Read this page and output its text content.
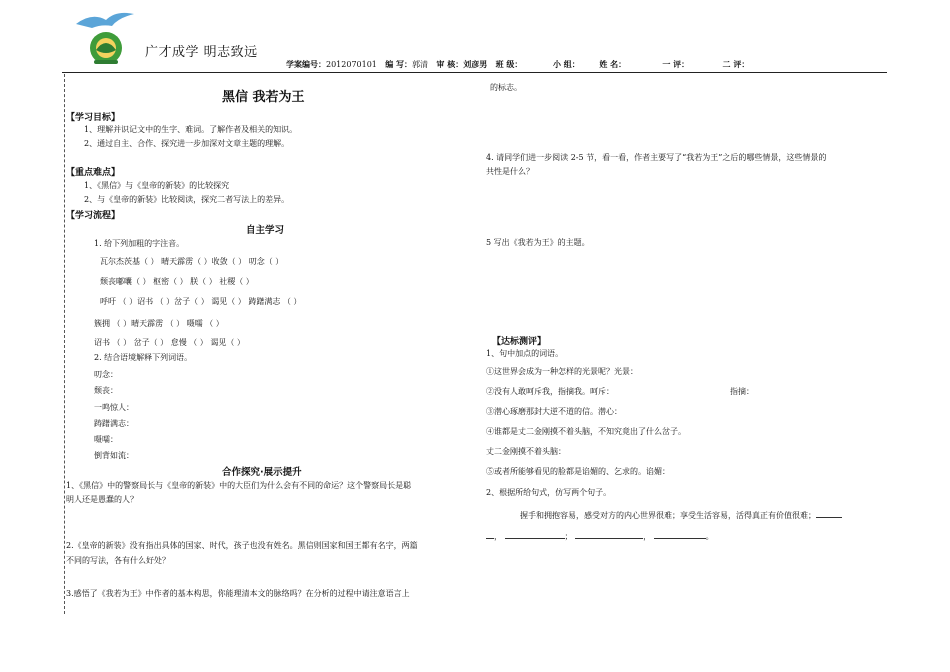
广才成学 明志致远
学案编号：2012070101 编 写：郭清 审 核：刘彦男 班 级：	小 组： 姓 名：	一 评：	二 评：
黑信 我若为王
【学习目标】
1、理解并识记文中的生字、难词。了解作者及相关的知识。
2、通过自主、合作、探究进一步加深对文章主题的理解。
【重点难点】
1、《黑信》与《皇帝的新装》的比较探究
2、与《皇帝的新装》比较阅读，探究二者写法上的差异。
【学习流程】
自主学习
1. 给下列加粗的字注音。
瓦尔杰茨基（ ） 晴天霹雳（ ）收敛（ ） 叨念（ ）
颓丧嘟囔（ ） 枢密（ ） 朕（ ） 社稷（ ）
呼吁 （ ）诏书 （ ）岔子（ ） 谒见（ ） 踌躇满志 （ ）
簇拥 （ ）晴天霹雳 （ ） 嗫嚅 （ ）
诏书 （ ） 岔子（ ） 怠慢 （ ） 谒见（ ）
2. 结合语境解释下列词语。
叨念：
颓丧：
一鸣惊人：
踌躇满志：
嗫嚅：
倒背如流：
合作探究·展示提升
1、《黑信》中的警察局长与《皇帝的新装》中的大臣们为什么会有不同的命运？这个警察局长是聪
明人还是愚蠢的人？
2.《皇帝的新装》没有指出具体的国家、时代，孩子也没有姓名。黑信则国家和国王都有名字，两篇
不同的写法，各有什么好处？
3.感悟了《我若为王》中作者的基本构思，你能理清本文的脉络吗？在分析的过程中请注意语言上
的标志。
4. 请同学们进一步阅读 2-5 节，看一看，作者主要写了“我若为王”之后的哪些情景，这些情景的
共性是什么？
5 写出《我若为王》的主题。
【达标测评】
1、句中加点的词语。
①这世界会成为一种怎样的光景呢？光景：
②没有人敢呵斥我，指摘我。呵斥：	指摘：
③潜心琢磨那封大逆不道的信。潜心：
④谁都是丈二金刚摸不着头脑，不知究竟出了什么岔子。
丈二金刚摸不着头脑：
⑤或者所能够看见的脸都是谄媚的、乞求的。谄媚：
2、根据所给句式，仿写两个句子。
握手和拥抱容易，感受对方的内心世界很难；享受生活容易，活得真正有价值很难；
，	；	，	。
